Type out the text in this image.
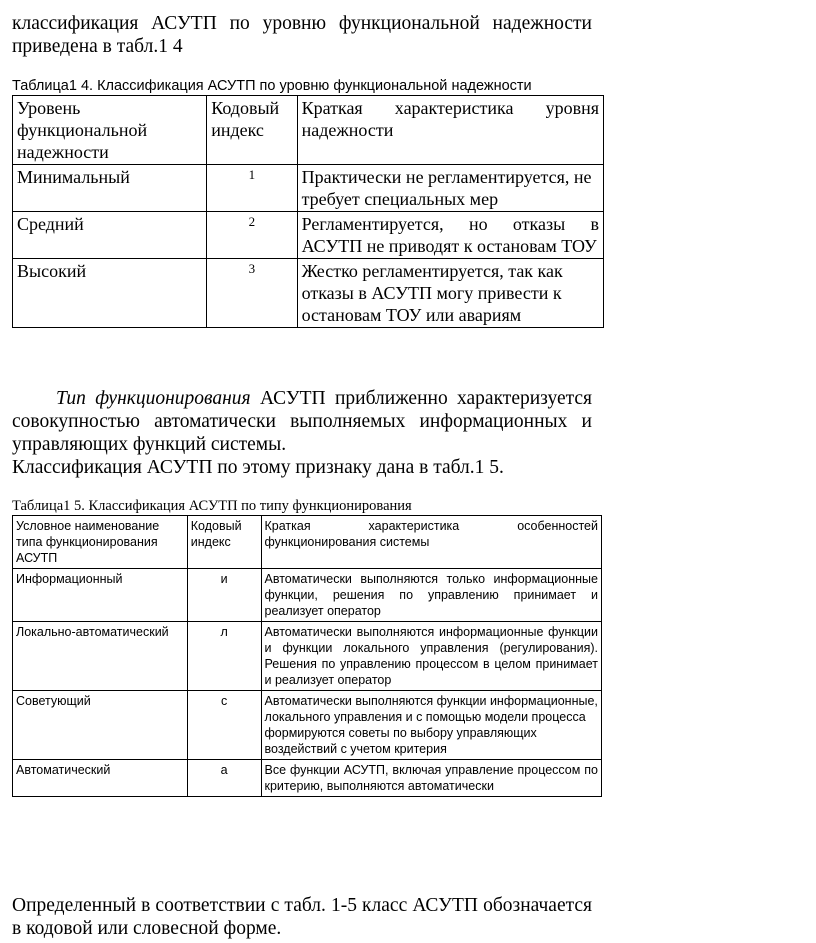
классификация АСУТП по уровню функциональной надежности приведена в табл.1 4

Таблица1 4. Классификация АСУТП по уровню функциональной надежности
Уровень функциональной надежности	Кодовый индекс	Краткая характеристика уровня надежности
Минимальный	1	Практически не регламентируется, не требует специальных мер
Средний	2	Регламентируется, но отказы в АСУТП не приводят к остановам ТОУ
Высокий	3	Жестко регламентируется, так как отказы в АСУТП могу привести к остановам ТОУ или авариям

Тип функционирования АСУТП приближенно характеризуется совокупностью автоматически выполняемых информационных и управляющих функций системы.

Классификация АСУТП по этому признаку дана в табл.1 5.

Таблица1 5. Классификация АСУТП по типу функционирования
Условное наименование типа функционирования АСУТП	Кодовый индекс	Краткая характеристика особенностей функционирования системы
Информационный	и	Автоматически выполняются только информационные функции, решения по управлению принимает и реализует оператор
Локально-автоматический	л	Автоматически выполняются информационные функции и функции локального управления (регулирования). Решения по управлению процессом в целом принимает и реализует оператор
Советующий	с	Автоматически выполняются функции информационные, локального управления и с помощью модели процесса формируются советы по выбору управляющих воздействий с учетом критерия
Автоматический	а	Все функции АСУТП, включая управление процессом по критерию, выполняются автоматически

Определенный в соответствии с табл. 1-5 класс АСУТП обозначается в кодовой или словесной форме.
